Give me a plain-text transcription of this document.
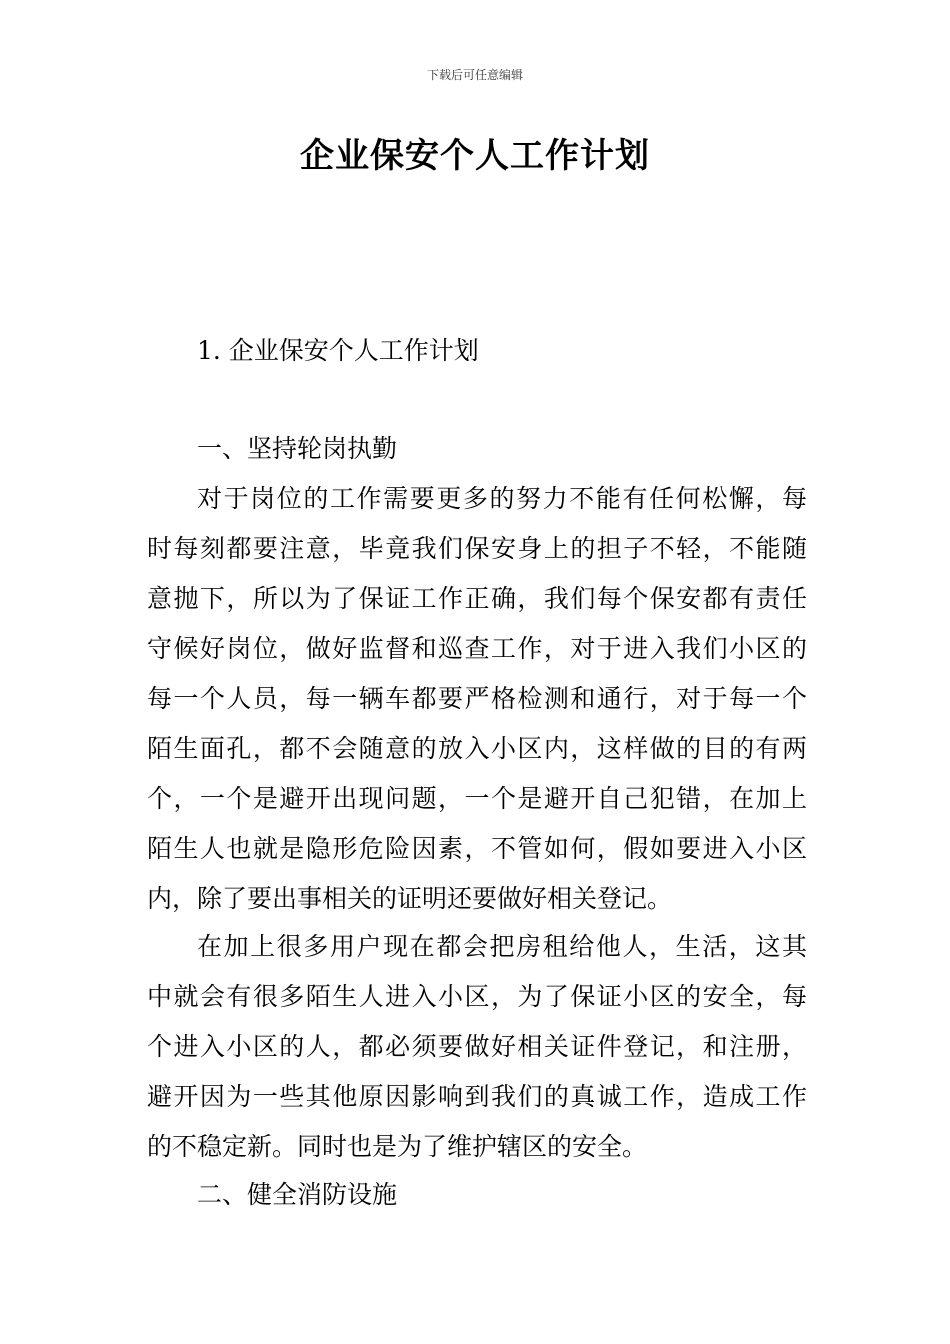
下载后可任意编辑
企业保安个人工作计划
1. 企业保安个人工作计划
一、坚持轮岗执勤
对于岗位的工作需要更多的努力不能有任何松懈，每
时每刻都要注意，毕竟我们保安身上的担子不轻，不能随
意抛下，所以为了保证工作正确，我们每个保安都有责任
守候好岗位，做好监督和巡查工作，对于进入我们小区的
每一个人员，每一辆车都要严格检测和通行，对于每一个
陌生面孔，都不会随意的放入小区内，这样做的目的有两
个，一个是避开出现问题，一个是避开自己犯错，在加上
陌生人也就是隐形危险因素，不管如何，假如要进入小区
内，除了要出事相关的证明还要做好相关登记。
在加上很多用户现在都会把房租给他人，生活，这其
中就会有很多陌生人进入小区，为了保证小区的安全，每
个进入小区的人，都必须要做好相关证件登记，和注册，
避开因为一些其他原因影响到我们的真诚工作，造成工作
的不稳定新。同时也是为了维护辖区的安全。
二、健全消防设施
